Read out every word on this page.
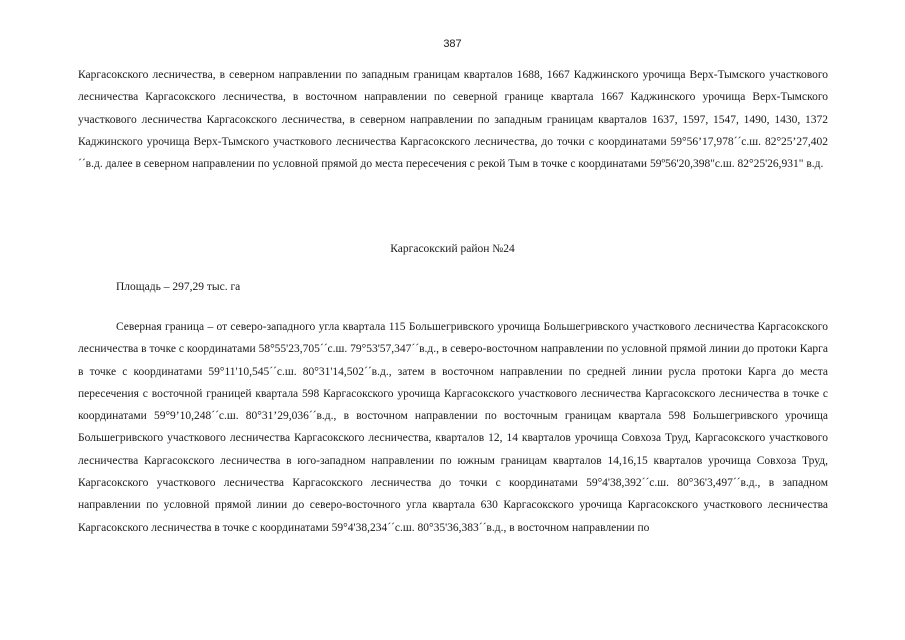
387

Каргасокского лесничества, в северном направлении по западным границам кварталов 1688, 1667 Каджинского урочища Верх-Тымского участкового лесничества Каргасокского лесничества, в восточном направлении по северной границе квартала 1667 Каджинского урочища Верх-Тымского участкового лесничества Каргасокского лесничества, в северном направлении по западным границам кварталов 1637, 1597, 1547, 1490, 1430, 1372 Каджинского урочища Верх-Тымского участкового лесничества Каргасокского лесничества, до точки с координатами 59°56’17,978´´с.ш. 82°25’27,402´´в.д. далее в северном направлении по условной прямой до места пересечения с рекой Тым в точке с координатами 59º56'20,398"с.ш. 82°25'26,931" в.д.

Каргасокский район №24

Площадь – 297,29 тыс. га

Северная граница – от северо-западного угла квартала 115 Большегривского урочища Большегривского участкового лесничества Каргасокского лесничества в точке с координатами 58°55'23,705´´с.ш. 79°53'57,347´´в.д., в северо-восточном направлении по условной прямой линии до протоки Карга в точке с координатами 59°11'10,545´´с.ш. 80°31'14,502´´в.д., затем в восточном направлении по средней линии русла протоки Карга до места пересечения с восточной границей квартала 598 Каргасокского урочища Каргасокского участкового лесничества Каргасокского лесничества в точке с координатами 59°9’10,248´´с.ш. 80°31’29,036´´в.д., в восточном направлении по восточным границам квартала 598 Большегривского урочища Большегривского участкового лесничества Каргасокского лесничества, кварталов 12, 14 кварталов урочища Совхоза Труд, Каргасокского участкового лесничества Каргасокского лесничества в юго-западном направлении по южным границам кварталов 14,16,15 кварталов урочища Совхоза Труд, Каргасокского участкового лесничества Каргасокского лесничества до точки с координатами 59°4'38,392´´с.ш. 80°36'3,497´´в.д., в западном направлении по условной прямой линии до северо-восточного угла квартала 630 Каргасокского урочища Каргасокского участкового лесничества Каргасокского лесничества в точке с координатами 59°4'38,234´´с.ш. 80°35'36,383´´в.д., в восточном направлении по
